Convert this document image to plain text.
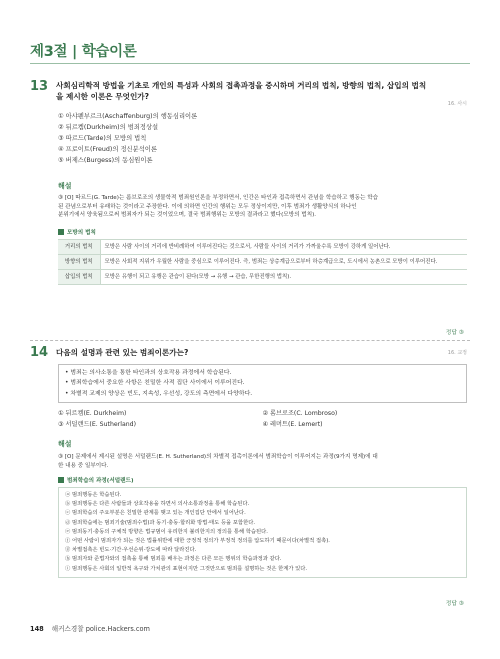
제3절 | 학습이론
13 사회심리학적 방법을 기초로 개인의 특성과 사회의 접촉과정을 중시하며 거리의 법칙, 방향의 법칙, 삽입의 법칙
을 제시한 이론은 무엇인가?
16. 사시
① 아샤펜부르크(Aschaffenburg)의 행동심리이론
② 뒤르켐(Durkheim)의 범죄정상설
③ 따르드(Tarde)의 모방의 법칙
④ 프로이트(Freud)의 정신분석이론
⑤ 버제스(Burgess)의 동심원이론
해설
③ [O] 따르드(G. Tarde)는 롬브로조의 생물학적 범죄원인론을 부정하면서, 인간은 타인과 접촉하면서 관념을 학습하고 행동는 학습
된 관념으로부터 유래하는 것이라고 주장한다. 이에 의하면 인간의 행위는 모두 정상이지만, 이후 범죄가 생활양식의 하나인
분위기에서 양육됨으로써 범죄자가 되는 것이었으며, 결국 범죄행위는 모방의 결과라고 했다(모방의 법칙).
모방의 법칙
거리의 법칙	모방은 사람 사이의 거리에 반비례하여 이루어진다는 것으로서, 사람들 사이의 거리가 가까울수록 모방이 강하게 일어난다.
방향의 법칙	모방은 사회적 지위가 우월한 사람을 중심으로 이루어진다. 즉, 범죄는 상층계급으로부터 하층계급으로, 도시에서 농촌으로 모방이 이루어진다.
삽입의 법칙	모방은 유행이 되고 유행은 관습이 된다(모방 → 유행 → 관습, 무한진행의 법칙).
정답 ③
14 다음의 설명과 관련 있는 범죄이론가는?	16. 교정
• 범죄는 의사소통을 통한 타인과의 상호작용 과정에서 학습된다.
• 범죄학습에서 중요한 사항은 친밀한 사적 집단 사이에서 이루어진다.
• 차별적 교제의 양상은 빈도, 지속성, 우선성, 강도의 측면에서 다양하다.
① 뒤르켐(E. Durkheim)	② 롬브로조(C. Lombroso)
③ 서덜랜드(E. Sutherland)	④ 레머트(E. Lemert)
해설
③ [O] 문제에서 제시된 설명은 서덜랜드(E. H. Sutherland)의 차별적 접촉이론에서 범죄학습이 이루어지는 과정(9가지 명제)에 대
한 내용 중 일부이다.
범죄학습의 과정(서덜랜드)
ⓐ 범죄행동은 학습된다.
ⓑ 범죄행동은 다른 사람들과 상호작용을 하면서 의사소통과정을 통해 학습된다.
ⓒ 범죄학습의 주요부분은 친밀한 관계를 맺고 있는 개인집단 안에서 일어난다.
ⓓ 범죄학습에는 범죄기술(범죄수법)과 동기·충동·합리화 방법·태도 등을 포함한다.
ⓔ 범죄동기·충동의 구체적 방향은 법규범이 유리한지 불리한지의 정의를 통해 학습된다.
ⓕ 어떤 사람이 범죄자가 되는 것은 법률위반에 대한 긍정적 정의가 부정적 정의를 압도하기 때문이다(차별적 접촉).
ⓖ 차별접촉은 빈도·기간·우선순위·강도에 따라 달라진다.
ⓗ 범죄자와 준법자와의 접촉을 통해 범죄를 배우는 과정은 다른 모든 행위의 학습과정과 같다.
ⓘ 범죄행동은 사회의 일반적 욕구와 가치관의 표현이지만 그것만으로 범죄를 설명하는 것은 한계가 있다.
정답 ③
148 해커스경찰 police.Hackers.com
